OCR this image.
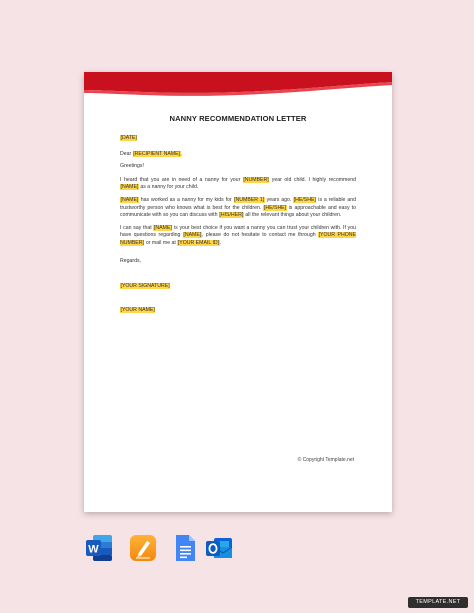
NANNY RECOMMENDATION LETTER

[DATE]

Dear [RECIPIENT NAME],

Greetings!

I heard that you are in need of a nanny for your [NUMBER] year old child. I highly recommend [NAME] as a nanny for your child.

[NAME] has worked as a nanny for my kids for [NUMBER 1] years ago. [HE/SHE] is a reliable and trustworthy person who knows what is best for the children. [HE/SHE] is approachable and easy to communicate with so you can discuss with [HIS/HER] all the relevant things about your children.

I can say that [NAME] is your best choice if you want a nanny you can trust your children with. If you have questions regarding [NAME], please do not hesitate to contact me through [YOUR PHONE NUMBER] or mail me at [YOUR EMAIL ID].

Regards,

[YOUR SIGNATURE]

[YOUR NAME]

© Copyright Template.net
W
TEMPLATE.NET
